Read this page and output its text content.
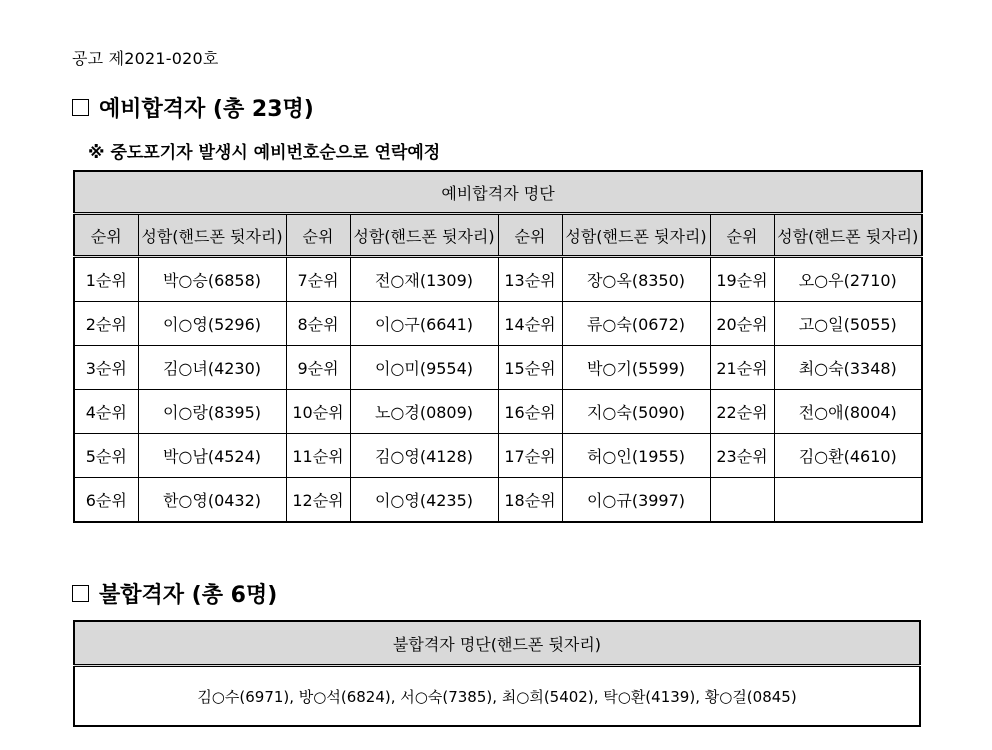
공고 제2021-020호
예비합격자 (총 23명)
※ 중도포기자 발생시 예비번호순으로 연락예정
예비합격자 명단							
순위	성함(핸드폰 뒷자리)	순위	성함(핸드폰 뒷자리)	순위	성함(핸드폰 뒷자리)	순위	성함(핸드폰 뒷자리)
1순위	박○승(6858)	7순위	전○재(1309)	13순위	장○옥(8350)	19순위	오○우(2710)
2순위	이○영(5296)	8순위	이○구(6641)	14순위	류○숙(0672)	20순위	고○일(5055)
3순위	김○녀(4230)	9순위	이○미(9554)	15순위	박○기(5599)	21순위	최○숙(3348)
4순위	이○랑(8395)	10순위	노○경(0809)	16순위	지○숙(5090)	22순위	전○애(8004)
5순위	박○남(4524)	11순위	김○영(4128)	17순위	허○인(1955)	23순위	김○환(4610)
6순위	한○영(0432)	12순위	이○영(4235)	18순위	이○규(3997)		
불합격자 (총 6명)
불합격자 명단(핸드폰 뒷자리)
김○수(6971), 방○석(6824), 서○숙(7385), 최○희(5402), 탁○환(4139), 황○걸(0845)
